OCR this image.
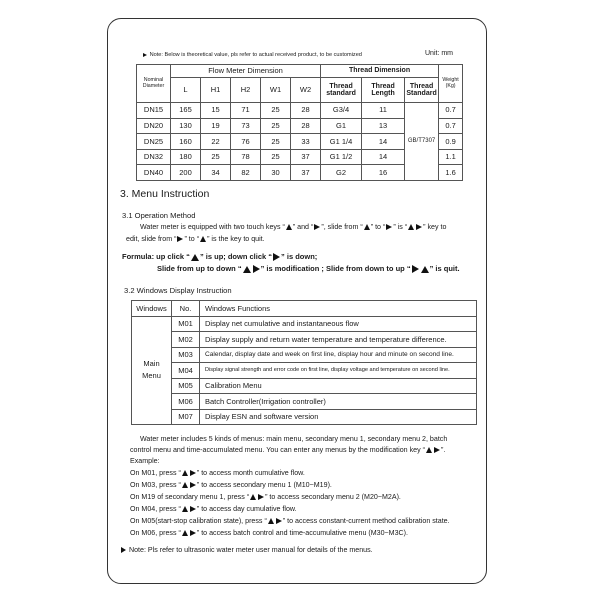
Note: Below is theoretical value, pls refer to actual received product, to be customized	Unit: mm
Nominal Diameter	Flow Meter Dimension					Thread Dimension			Weight (Kg)
	L	H1	H2	W1	W2	Thread standard	Thread Length	Thread Standard	
DN15	165	15	71	25	28	G3/4	11	GB/T7307	0.7
DN20	130	19	73	25	28	G1	13		0.7
DN25	160	22	76	25	33	G1 1/4	14		0.9
DN32	180	25	78	25	37	G1 1/2	14		1.1
DN40	200	34	82	30	37	G2	16		1.6
3. Menu Instruction
3.1 Operation Method
Water meter is equipped with two touch keys “ ” and “ ”, slide from “ ” to “ ” is “ ” key to
edit, slide from “ ” to “ ” is the key to quit.
Formula: up click “ ” is up; down click “ ” is down;
Slide from up to down “	” is modification ; Slide from down to up “	” is quit.
3.2 Windows Display Instruction
Windows	No.	Windows Functions
Main Menu	M01	Display net cumulative and instantaneous flow
	M02	Display supply and return water temperature and temperature difference.
	M03	Calendar, display date and week on first line, display hour and minute on second line.
	M04	Display signal strength and error code on first line, display voltage and temperature on second line.
	M05	Calibration Menu
	M06	Batch Controller(Irrigation controller)
	M07	Display ESN and software version
Water meter includes 5 kinds of menus: main menu, secondary menu 1, secondary menu 2, batch
control menu and time-accumulated menu. You can enter any menus by the modification key “ ”.
Example:
On M01, press “ ” to access month cumulative flow.
On M03, press “ ” to access secondary menu 1 (M10~M19).
On M19 of secondary menu 1, press “ ” to access secondary menu 2 (M20~M2A).
On M04, press “ ” to access day cumulative flow.
On M05(start-stop calibration state), press “ ” to access constant-current method calibration state.
On M06, press “ ” to access batch control and time-accumulative menu (M30~M3C).
Note: Pls refer to ultrasonic water meter user manual for details of the menus.
